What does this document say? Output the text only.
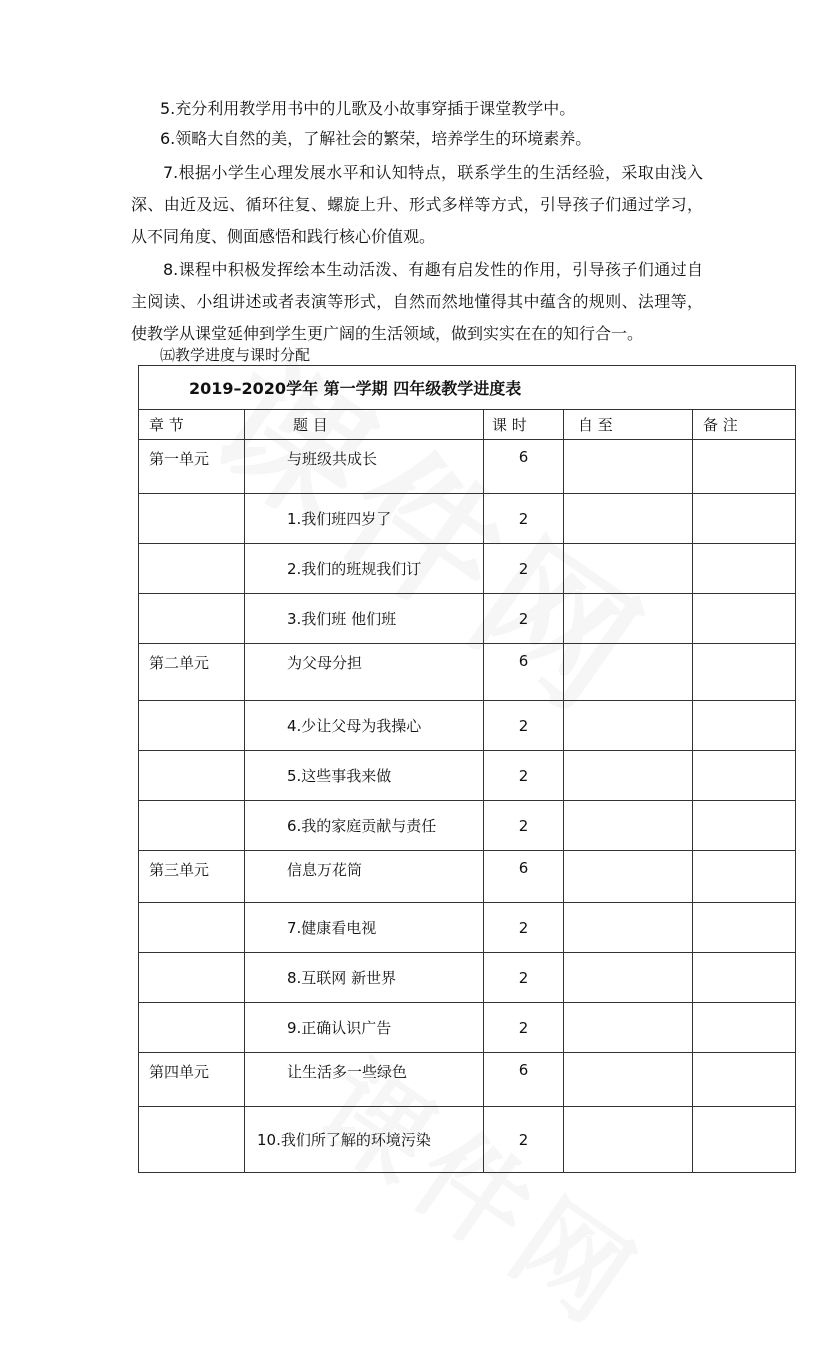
5.充分利用教学用书中的儿歌及小故事穿插于课堂教学中。

6.领略大自然的美，了解社会的繁荣，培养学生的环境素养。

7.根据小学生心理发展水平和认知特点，联系学生的生活经验，采取由浅入深、由近及远、循环往复、螺旋上升、形式多样等方式，引导孩子们通过学习，从不同角度、侧面感悟和践行核心价值观。

8.课程中积极发挥绘本生动活泼、有趣有启发性的作用，引导孩子们通过自主阅读、小组讲述或者表演等形式，自然而然地懂得其中蕴含的规则、法理等，使教学从课堂延伸到学生更广阔的生活领域，做到实实在在的知行合一。

㈤教学进度与课时分配

2019–2020学年 第一学期 四年级教学进度表				
章 节	题 目	课 时	自 至	备 注
第一单元	与班级共成长	6		
	1.我们班四岁了	2		
	2.我们的班规我们订	2		
	3.我们班 他们班	2		
第二单元	为父母分担	6		
	4.少让父母为我操心	2		
	5.这些事我来做	2		
	6.我的家庭贡献与责任	2		
第三单元	信息万花筒	6		
	7.健康看电视	2		
	8.互联网 新世界	2		
	9.正确认识广告	2		
第四单元	让生活多一些绿色	6		
	10.我们所了解的环境污染	2		
